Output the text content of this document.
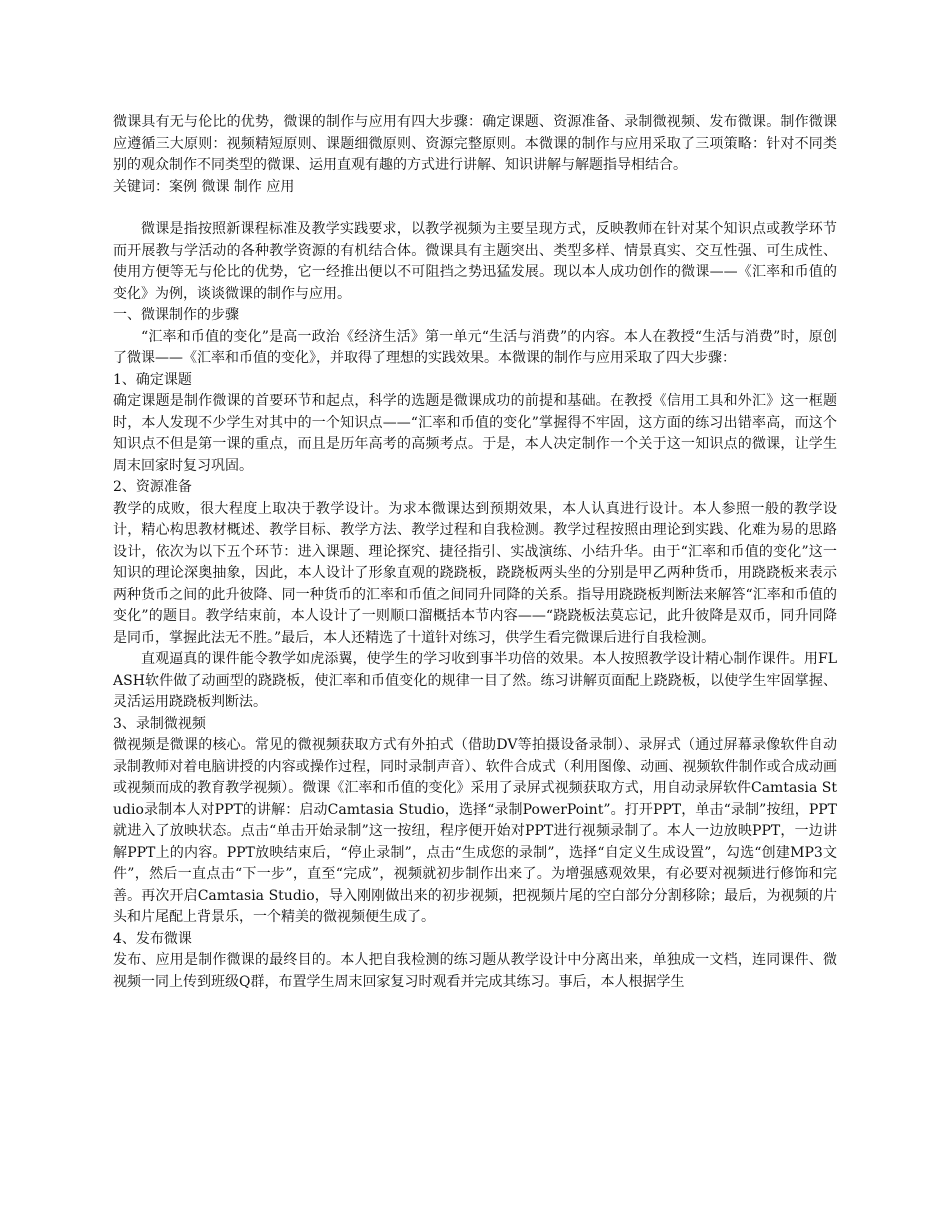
微课具有无与伦比的优势，微课的制作与应用有四大步骤：确定课题、资源准备、录制微视频、发布微课。制作微课应遵循三大原则：视频精短原则、课题细微原则、资源完整原则。本微课的制作与应用采取了三项策略：针对不同类别的观众制作不同类型的微课、运用直观有趣的方式进行讲解、知识讲解与解题指导相结合。

关键词：案例 微课 制作 应用

微课是指按照新课程标准及教学实践要求，以教学视频为主要呈现方式，反映教师在针对某个知识点或教学环节而开展教与学活动的各种教学资源的有机结合体。微课具有主题突出、类型多样、情景真实、交互性强、可生成性、使用方便等无与伦比的优势，它一经推出便以不可阻挡之势迅猛发展。现以本人成功创作的微课——《汇率和币值的变化》为例，谈谈微课的制作与应用。

一、微课制作的步骤

“汇率和币值的变化”是高一政治《经济生活》第一单元“生活与消费”的内容。本人在教授“生活与消费”时，原创了微课——《汇率和币值的变化》，并取得了理想的实践效果。本微课的制作与应用采取了四大步骤：

1、确定课题

确定课题是制作微课的首要环节和起点，科学的选题是微课成功的前提和基础。在教授《信用工具和外汇》这一框题时，本人发现不少学生对其中的一个知识点——“汇率和币值的变化”掌握得不牢固，这方面的练习出错率高，而这个知识点不但是第一课的重点，而且是历年高考的高频考点。于是，本人决定制作一个关于这一知识点的微课，让学生周末回家时复习巩固。

2、资源准备

教学的成败，很大程度上取决于教学设计。为求本微课达到预期效果，本人认真进行设计。本人参照一般的教学设计，精心构思教材概述、教学目标、教学方法、教学过程和自我检测。教学过程按照由理论到实践、化难为易的思路设计，依次为以下五个环节：进入课题、理论探究、捷径指引、实战演练、小结升华。由于“汇率和币值的变化”这一知识的理论深奥抽象，因此，本人设计了形象直观的跷跷板，跷跷板两头坐的分别是甲乙两种货币，用跷跷板来表示两种货币之间的此升彼降、同一种货币的汇率和币值之间同升同降的关系。指导用跷跷板判断法来解答“汇率和币值的变化”的题目。教学结束前，本人设计了一则顺口溜概括本节内容——“跷跷板法莫忘记，此升彼降是双币，同升同降是同币，掌握此法无不胜。”最后，本人还精选了十道针对练习，供学生看完微课后进行自我检测。

直观逼真的课件能令教学如虎添翼，使学生的学习收到事半功倍的效果。本人按照教学设计精心制作课件。用FLASH软件做了动画型的跷跷板，使汇率和币值变化的规律一目了然。练习讲解页面配上跷跷板，以使学生牢固掌握、灵活运用跷跷板判断法。

3、录制微视频

微视频是微课的核心。常见的微视频获取方式有外拍式（借助DV等拍摄设备录制）、录屏式（通过屏幕录像软件自动录制教师对着电脑讲授的内容或操作过程，同时录制声音）、软件合成式（利用图像、动画、视频软件制作或合成动画或视频而成的教育教学视频）。微课《汇率和币值的变化》采用了录屏式视频获取方式，用自动录屏软件Camtasia Studio录制本人对PPT的讲解：启动Camtasia Studio，选择“录制PowerPoint”。打开PPT，单击“录制”按纽，PPT就进入了放映状态。点击“单击开始录制”这一按纽，程序便开始对PPT进行视频录制了。本人一边放映PPT，一边讲解PPT上的内容。PPT放映结束后，“停止录制”，点击“生成您的录制”，选择“自定义生成设置”，勾选“创建MP3文件”，然后一直点击“下一步”，直至“完成”，视频就初步制作出来了。为增强感观效果，有必要对视频进行修饰和完善。再次开启Camtasia Studio，导入刚刚做出来的初步视频，把视频片尾的空白部分分割移除；最后，为视频的片头和片尾配上背景乐，一个精美的微视频便生成了。

4、发布微课

发布、应用是制作微课的最终目的。本人把自我检测的练习题从教学设计中分离出来，单独成一文档，连同课件、微视频一同上传到班级Q群，布置学生周末回家复习时观看并完成其练习。事后，本人根据学生
